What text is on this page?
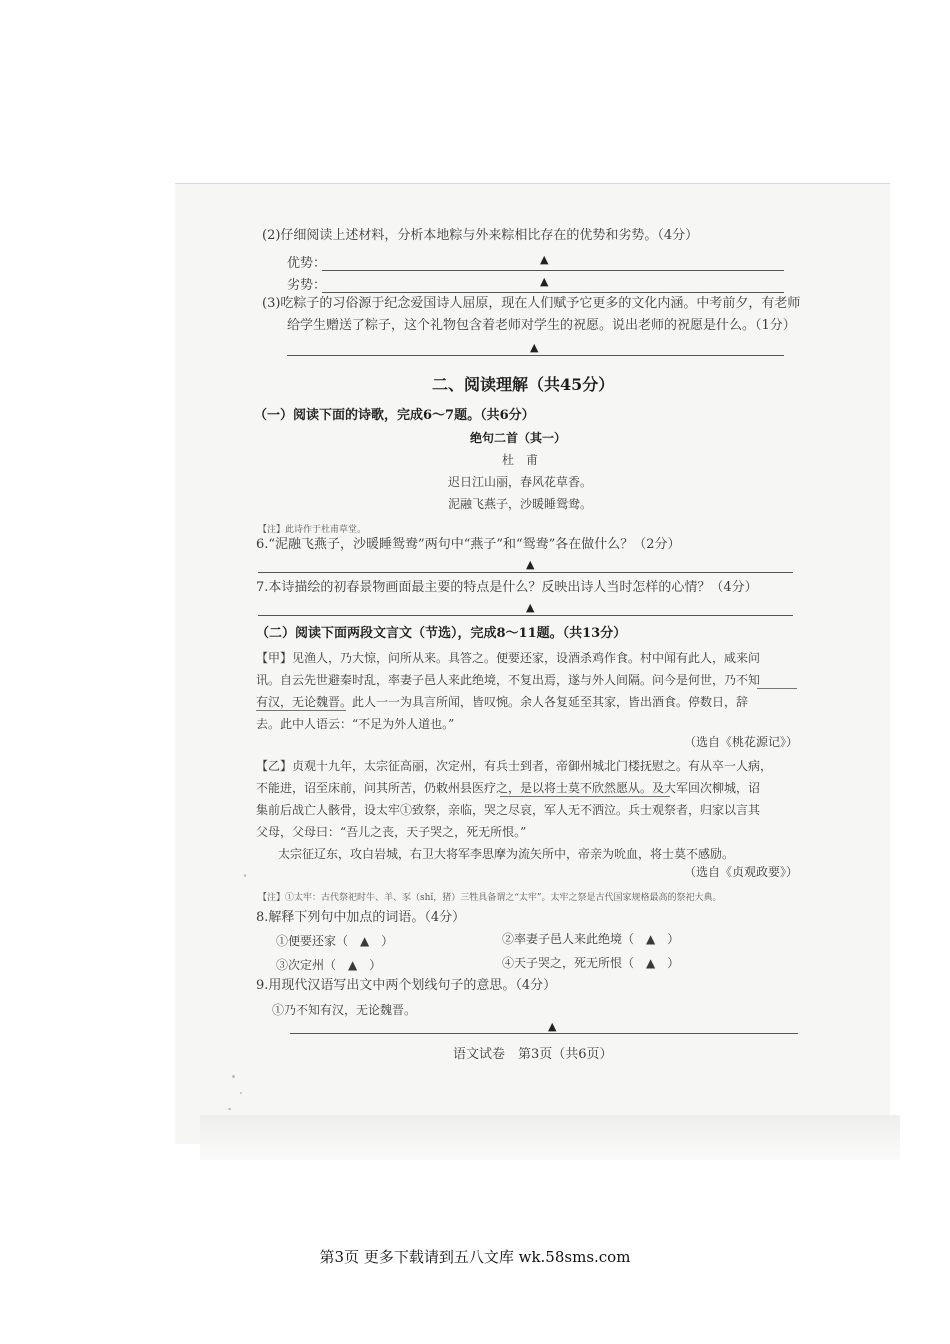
(2)仔细阅读上述材料，分析本地粽与外来粽相比存在的优势和劣势。（4分）
优势：	▲
劣势：	▲
(3)吃粽子的习俗源于纪念爱国诗人屈原，现在人们赋予它更多的文化内涵。中考前夕，有老师
给学生赠送了粽子，这个礼物包含着老师对学生的祝愿。说出老师的祝愿是什么。（1分）
▲
二、阅读理解（共45分）
（一）阅读下面的诗歌，完成6～7题。（共6分）
绝句二首（其一）
杜　甫
迟日江山丽，春风花草香。
泥融飞燕子，沙暖睡鸳鸯。
【注】此诗作于杜甫草堂。
6.“泥融飞燕子，沙暖睡鸳鸯”两句中“燕子”和“鸳鸯”各在做什么？（2分）
▲
7.本诗描绘的初春景物画面最主要的特点是什么？反映出诗人当时怎样的心情？（4分）
▲
（二）阅读下面两段文言文（节选），完成8～11题。（共13分）
【甲】见渔人，乃大惊，问所从来。具答之。便要还家，设酒杀鸡作食。村中闻有此人，咸来问
讯。自云先世避秦时乱，率妻子邑人来此绝境，不复出焉，遂与外人间隔。问今是何世，乃不知
有汉，无论魏晋。此人一一为具言所闻，皆叹惋。余人各复延至其家，皆出酒食。停数日，辞
去。此中人语云：“不足为外人道也。”
（选自《桃花源记》）
【乙】贞观十九年，太宗征高丽，次定州，有兵士到者，帝御州城北门楼抚慰之。有从卒一人病，
不能进，诏至床前，问其所苦，仍敕州县医疗之，是以将士莫不欣然愿从。及大军回次柳城，诏
集前后战亡人骸骨，设太牢①致祭，亲临，哭之尽哀，军人无不洒泣。兵士观祭者，归家以言其
父母，父母曰：“吾儿之丧，天子哭之，死无所恨。”
太宗征辽东，攻白岩城，右卫大将军李思摩为流矢所中，帝亲为吮血，将士莫不感励。
（选自《贞观政要》）
【注】①太牢：古代祭祀时牛、羊、豕（shǐ，猪）三牲具备谓之“太牢”。太牢之祭是古代国家规格最高的祭祀大典。
8.解释下列句中加点的词语。（4分）
①便要还家（　▲　）	②率妻子邑人来此绝境（　▲　）
③次定州（　▲　）	④天子哭之，死无所恨（　▲　）
9.用现代汉语写出文中两个划线句子的意思。（4分）
①乃不知有汉，无论魏晋。
▲
语文试卷　第3页（共6页）
第3页 更多下载请到五八文库 wk.58sms.com
